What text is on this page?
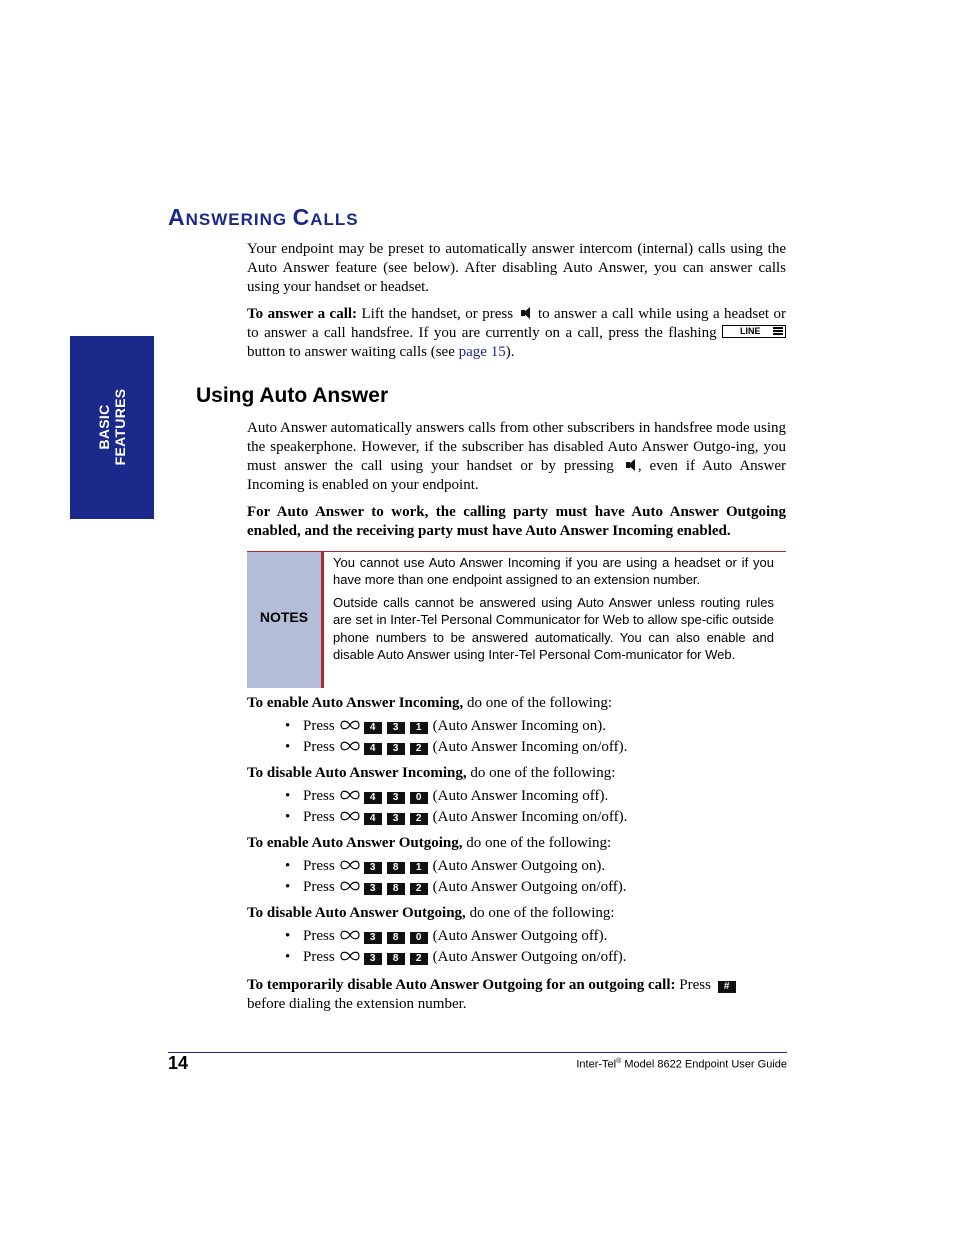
BASIC FEATURES
ANSWERING CALLS
Your endpoint may be preset to automatically answer intercom (internal) calls using the Auto Answer feature (see below). After disabling Auto Answer, you can answer calls using your handset or headset.
To answer a call: Lift the handset, or press  to answer a call while using a headset or to answer a call handsfree. If you are currently on a call, press the flashing LINE
button to answer waiting calls (see page 15).
Using Auto Answer
Auto Answer automatically answers calls from other subscribers in handsfree mode using the speakerphone. However, if the subscriber has disabled Auto Answer Outgo-ing, you must answer the call using your handset or by pressing , even if Auto Answer Incoming is enabled on your endpoint.
For Auto Answer to work, the calling party must have Auto Answer Outgoing enabled, and the receiving party must have Auto Answer Incoming enabled.
NOTES
You cannot use Auto Answer Incoming if you are using a headset or if you have more than one endpoint assigned to an extension number.
Outside calls cannot be answered using Auto Answer unless routing rules are set in Inter-Tel Personal Communicator for Web to allow spe-cific outside phone numbers to be answered automatically. You can also enable and disable Auto Answer using Inter-Tel Personal Com-municator for Web.
To enable Auto Answer Incoming, do one of the following:
• Press	4 3 1 (Auto Answer Incoming on).
• Press	4 3 2 (Auto Answer Incoming on/off).
To disable Auto Answer Incoming, do one of the following:
• Press	4 3 0 (Auto Answer Incoming off).
• Press	4 3 2 (Auto Answer Incoming on/off).
To enable Auto Answer Outgoing, do one of the following:
• Press	3 8 1 (Auto Answer Outgoing on).
• Press	3 8 2 (Auto Answer Outgoing on/off).
To disable Auto Answer Outgoing, do one of the following:
• Press	3 8 0 (Auto Answer Outgoing off).
• Press	3 8 2 (Auto Answer Outgoing on/off).
To temporarily disable Auto Answer Outgoing for an outgoing call: Press #
before dialing the extension number.
14	Inter-Tel® Model 8622 Endpoint User Guide
